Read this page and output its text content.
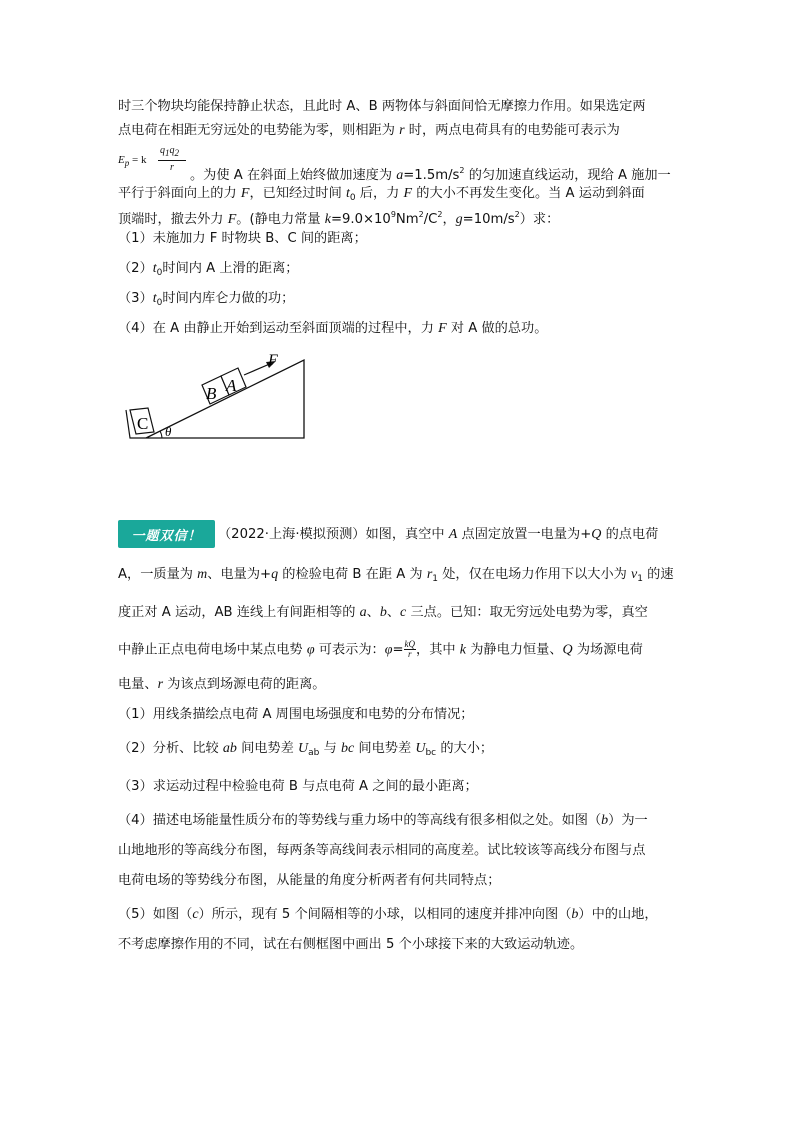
时三个物块均能保持静止状态，且此时 A、B 两物体与斜面间恰无摩擦力作用。如果选定两
点电荷在相距无穷远处的电势能为零，则相距为 r 时，两点电荷具有的电势能可表示为
$E_p = k$
q1q2
r
。为使 A 在斜面上始终做加速度为 $a=1.5m/s^2$ 的匀加速直线运动，现给 A 施加一
平行于斜面向上的力 F，已知经过时间 $t_0$ 后，力 F 的大小不再发生变化。当 A 运动到斜面
顶端时，撤去外力 F。(静电力常量 $k=9.0\times 10^9Nm^2/C^2$，$g=10m/s^2$）求：
（1）未施加力 F 时物块 B、C 间的距离；
$(2)t_0$时间内 A 上滑的距离；
$(3)t_0$时间内库仑力做的功；
（4）在 A 由静止开始到运动至斜面顶端的过程中，力 F 对 A 做的总功。
C
B A
F
θ
一题双信！ （2022·上海·模拟预测）如图，真空中 A 点固定放置一电量为+Q 的点电荷
A，一质量为 m、电量为+q 的检验电荷 B 在距 A 为 $r_1$ 处，仅在电场力作用下以大小为 $v_1$ 的速
度正对 A 运动，AB 连线上有间距相等的 a、b、c 三点。已知：取无穷远处电势为零，真空
中静止正点电荷电场中某点电势 φ 可表示为：$\varphi= \frac{kQ}{r}$ ，其中 k 为静电力恒量、Q 为场源电荷
电量、r 为该点到场源电荷的距离。
（1）用线条描绘点电荷 A 周围电场强度和电势的分布情况；
（2）分析、比较 ab 间电势差 $U_{ab}$ 与 bc 间电势差 $U_{bc}$ 的大小；
（3）求运动过程中检验电荷 B 与点电荷 A 之间的最小距离；
（4）描述电场能量性质分布的等势线与重力场中的等高线有很多相似之处。如图（b）为一
山地地形的等高线分布图，每两条等高线间表示相同的高度差。试比较该等高线分布图与点
电荷电场的等势线分布图，从能量的角度分析两者有何共同特点；
（5）如图（c）所示，现有 5 个间隔相等的小球，以相同的速度并排冲向图（b）中的山地，
不考虑摩擦作用的不同，试在右侧框图中画出 5 个小球接下来的大致运动轨迹。
